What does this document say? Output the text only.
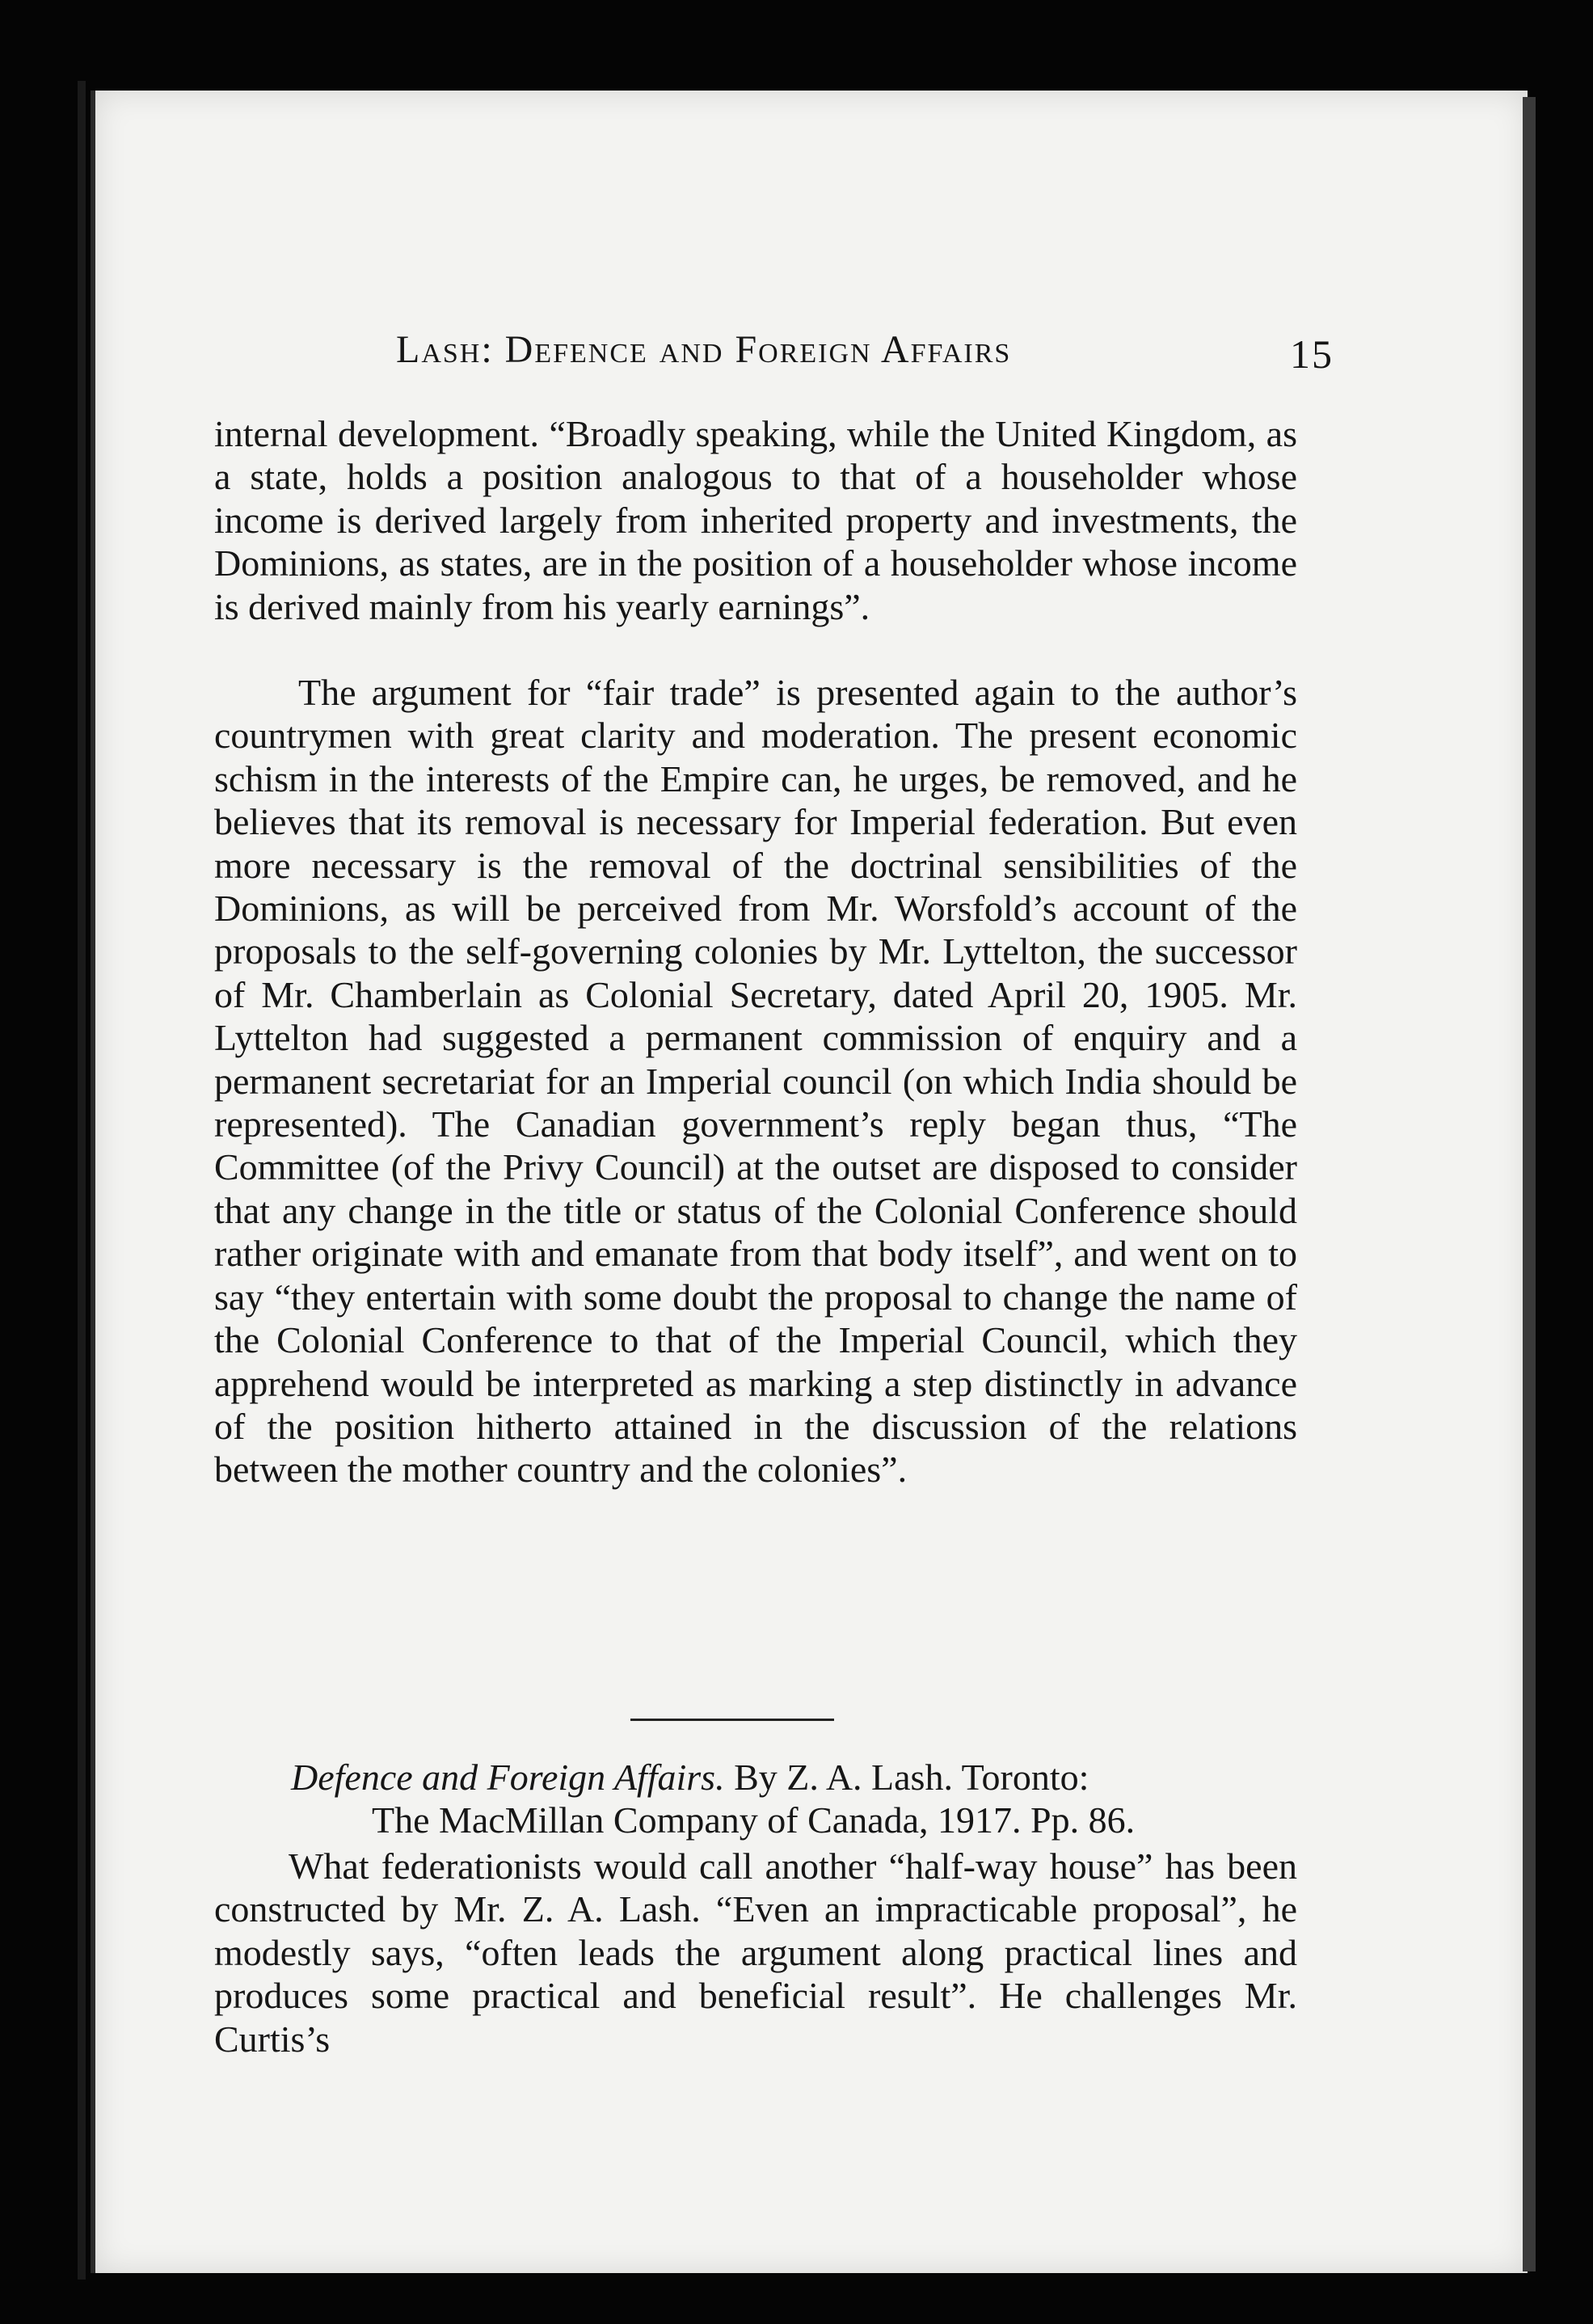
Lash: Defence and Foreign Affairs	15
internal development. “Broadly speaking, while the United Kingdom, as a state, holds a position analogous to that of a householder whose income is derived largely from inherited property and investments, the Dominions, as states, are in the position of a householder whose income is derived mainly from his yearly earnings”.
The argument for “fair trade” is presented again to the author’s countrymen with great clarity and moderation. The present economic schism in the interests of the Empire can, he urges, be removed, and he believes that its removal is necessary for Imperial federation. But even more necessary is the removal of the doctrinal sensibilities of the Dominions, as will be perceived from Mr. Worsfold’s account of the proposals to the self-governing colonies by Mr. Lyttelton, the successor of Mr. Chamberlain as Colonial Secretary, dated April 20, 1905. Mr. Lyttelton had suggested a permanent commission of enquiry and a permanent secretariat for an Imperial council (on which India should be represented). The Canadian government’s reply began thus, “The Committee (of the Privy Council) at the outset are disposed to consider that any change in the title or status of the Colonial Conference should rather originate with and emanate from that body itself”, and went on to say “they entertain with some doubt the proposal to change the name of the Colonial Conference to that of the Imperial Council, which they apprehend would be interpreted as marking a step distinctly in advance of the position hitherto attained in the discussion of the relations between the mother country and the colonies”.
Defence and Foreign Affairs. By Z. A. Lash. Toronto:
The MacMillan Company of Canada, 1917. Pp. 86.
What federationists would call another “half-way house” has been constructed by Mr. Z. A. Lash. “Even an impracticable proposal”, he modestly says, “often leads the argument along practical lines and produces some practical and beneficial result”. He challenges Mr. Curtis’s
